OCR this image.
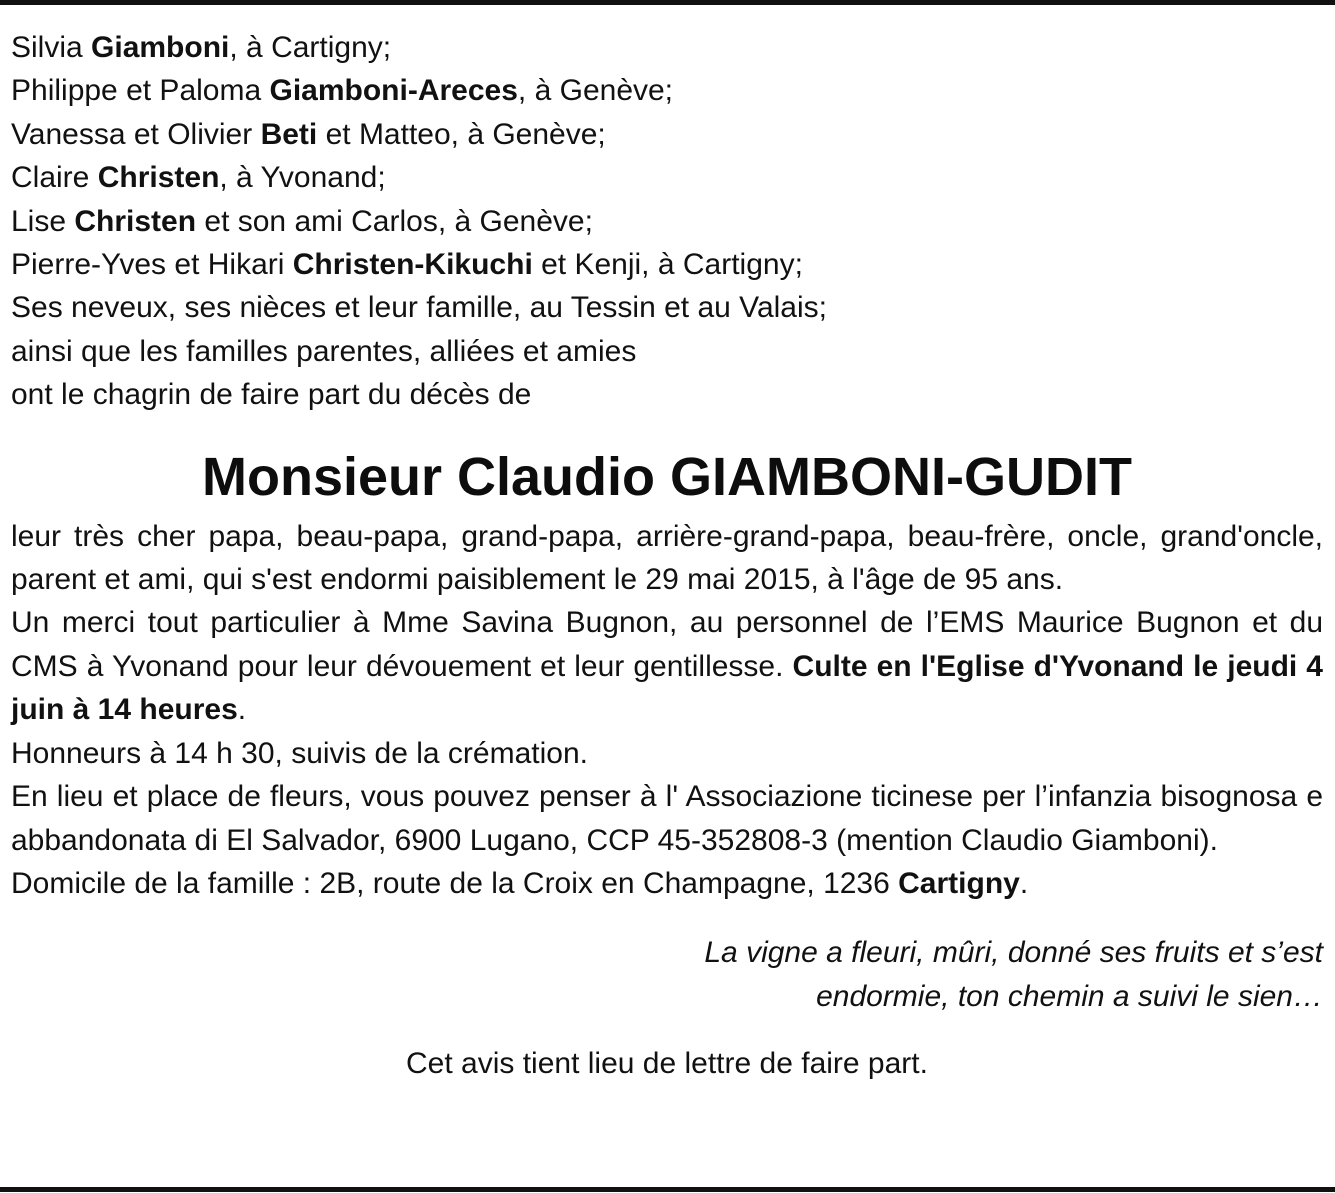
Silvia Giamboni, à Cartigny;
Philippe et Paloma Giamboni-Areces, à Genève;
Vanessa et Olivier Beti et Matteo, à Genève;
Claire Christen, à Yvonand;
Lise Christen et son ami Carlos, à Genève;
Pierre-Yves et Hikari Christen-Kikuchi et Kenji, à Cartigny;
Ses neveux, ses nièces et leur famille, au Tessin et au Valais;
ainsi que les familles parentes, alliées et amies
ont le chagrin de faire part du décès de
Monsieur Claudio GIAMBONI-GUDIT
leur très cher papa, beau-papa, grand-papa, arrière-grand-papa, beau-frère, oncle, grand'oncle, parent et ami, qui s'est endormi paisiblement le 29 mai 2015, à l'âge de 95 ans.
Un merci tout particulier à Mme Savina Bugnon, au personnel de l’EMS Maurice Bugnon et du CMS à Yvonand pour leur dévouement et leur gentillesse. Culte en l'Eglise d'Yvonand le jeudi 4 juin à 14 heures.
Honneurs à 14 h 30, suivis de la crémation.
En lieu et place de fleurs, vous pouvez penser à l' Associazione ticinese per l’infanzia bisognosa e abbandonata di El Salvador, 6900 Lugano, CCP 45-352808-3 (mention Claudio Giamboni).
Domicile de la famille : 2B, route de la Croix en Champagne, 1236 Cartigny.
La vigne a fleuri, mûri, donné ses fruits et s’est
endormie, ton chemin a suivi le sien…
Cet avis tient lieu de lettre de faire part.
